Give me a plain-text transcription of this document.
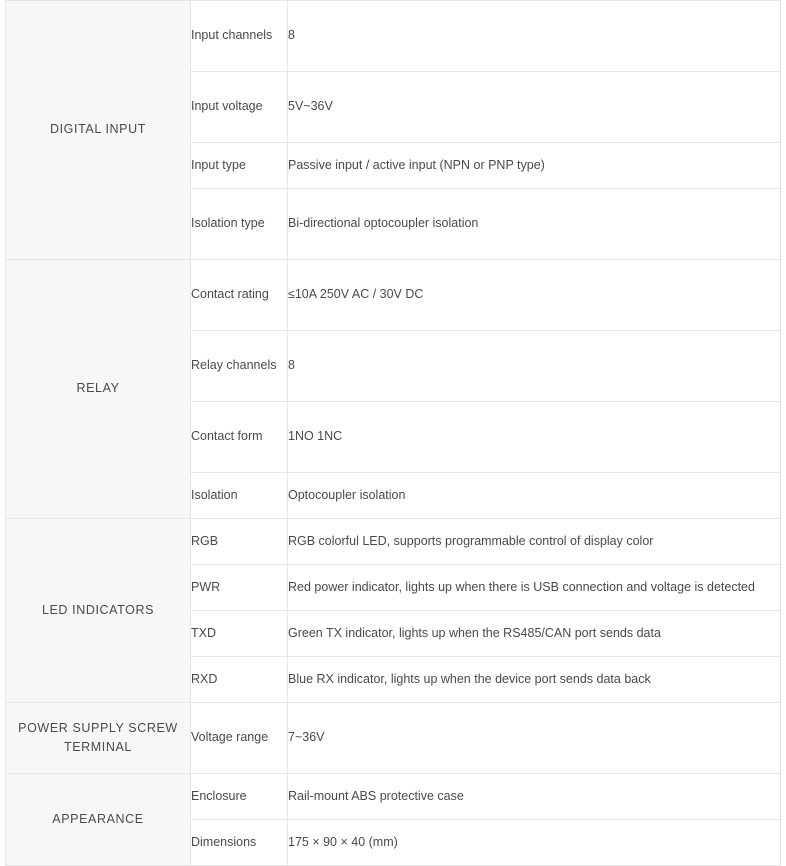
DIGITAL INPUT	Input channels	8
	Input voltage	5V~36V
	Input type	Passive input / active input (NPN or PNP type)
	Isolation type	Bi-directional optocoupler isolation
RELAY	Contact rating	≤10A 250V AC / 30V DC
	Relay channels	8
	Contact form	1NO 1NC
	Isolation	Optocoupler isolation
LED INDICATORS	RGB	RGB colorful LED, supports programmable control of display color
	PWR	Red power indicator, lights up when there is USB connection and voltage is detected
	TXD	Green TX indicator, lights up when the RS485/CAN port sends data
	RXD	Blue RX indicator, lights up when the device port sends data back
POWER SUPPLY SCREW TERMINAL	Voltage range	7~36V
APPEARANCE	Enclosure	Rail-mount ABS protective case
	Dimensions	175 × 90 × 40 (mm)
